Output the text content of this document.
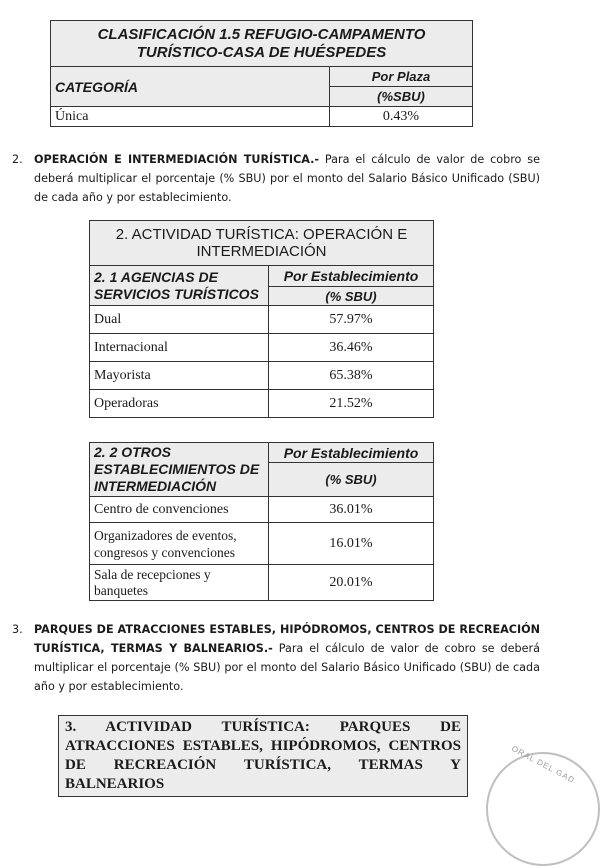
CLASIFICACIÓN 1.5 REFUGIO-CAMPAMENTO TURÍSTICO-CASA DE HUÉSPEDES	
CATEGORÍA	Por Plaza
	(%SBU)
Única	0.43%
2. OPERACIÓN E INTERMEDIACIÓN TURÍSTICA.- Para el cálculo de valor de cobro se deberá multiplicar el porcentaje (% SBU) por el monto del Salario Básico Unificado (SBU) de cada año y por establecimiento.
2. ACTIVIDAD TURÍSTICA: OPERACIÓN E INTERMEDIACIÓN	
2. 1 AGENCIAS DE SERVICIOS TURÍSTICOS	Por Establecimiento
	(% SBU)
Dual	57.97%
Internacional	36.46%
Mayorista	65.38%
Operadoras	21.52%
2. 2 OTROS ESTABLECIMIENTOS DE INTERMEDIACIÓN	Por Establecimiento
	(% SBU)
Centro de convenciones	36.01%
Organizadores de eventos, congresos y convenciones	16.01%
Sala de recepciones y banquetes	20.01%
3. PARQUES DE ATRACCIONES ESTABLES, HIPÓDROMOS, CENTROS DE RECREACIÓN TURÍSTICA, TERMAS Y BALNEARIOS.- Para el cálculo de valor de cobro se deberá multiplicar el porcentaje (% SBU) por el monto del Salario Básico Unificado (SBU) de cada año y por establecimiento.
3. ACTIVIDAD TURÍSTICA: PARQUES DE ATRACCIONES ESTABLES, HIPÓDROMOS, CENTROS DE RECREACIÓN TURÍSTICA, TERMAS Y BALNEARIOS	ORAL DEL GAD
